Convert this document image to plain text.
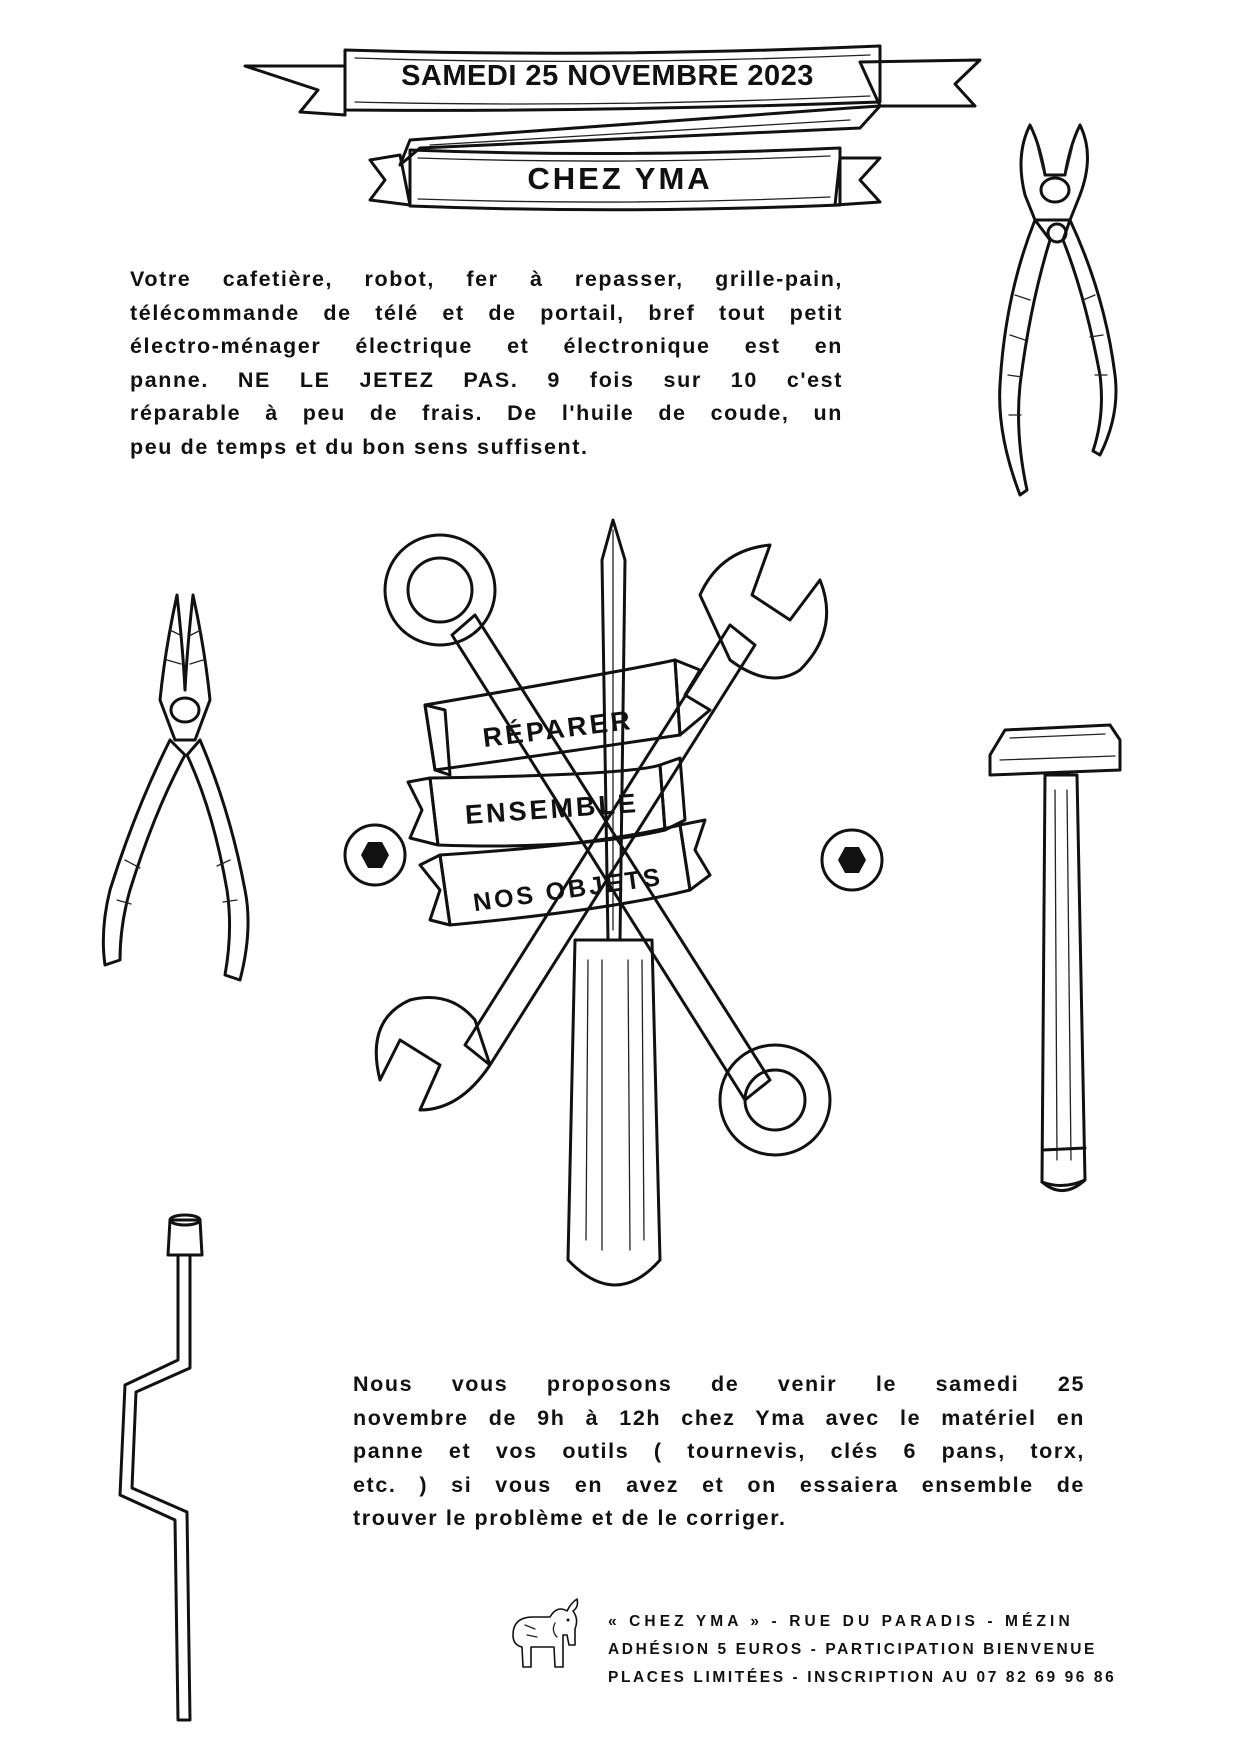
SAMEDI 25 NOVEMBRE 2023
CHEZ YMA
Votre cafetière, robot, fer à repasser, grille-pain,
télécommande de télé et de portail, bref tout petit
électro-ménager électrique et électronique est en
panne. NE LE JETEZ PAS. 9 fois sur 10 c'est
réparable à peu de frais. De l'huile de coude, un
peu de temps et du bon sens suffisent.
RÉPARER
ENSEMBLE
NOS OBJETS
Nous vous proposons de venir le samedi 25
novembre de 9h à 12h chez Yma avec le matériel en
panne et vos outils ( tournevis, clés 6 pans, torx,
etc. ) si vous en avez et on essaiera ensemble de
trouver le problème et de le corriger.
« CHEZ YMA » - RUE DU PARADIS - MÉZIN
ADHÉSION 5 EUROS - PARTICIPATION BIENVENUE
PLACES LIMITÉES - INSCRIPTION AU 07 82 69 96 86
